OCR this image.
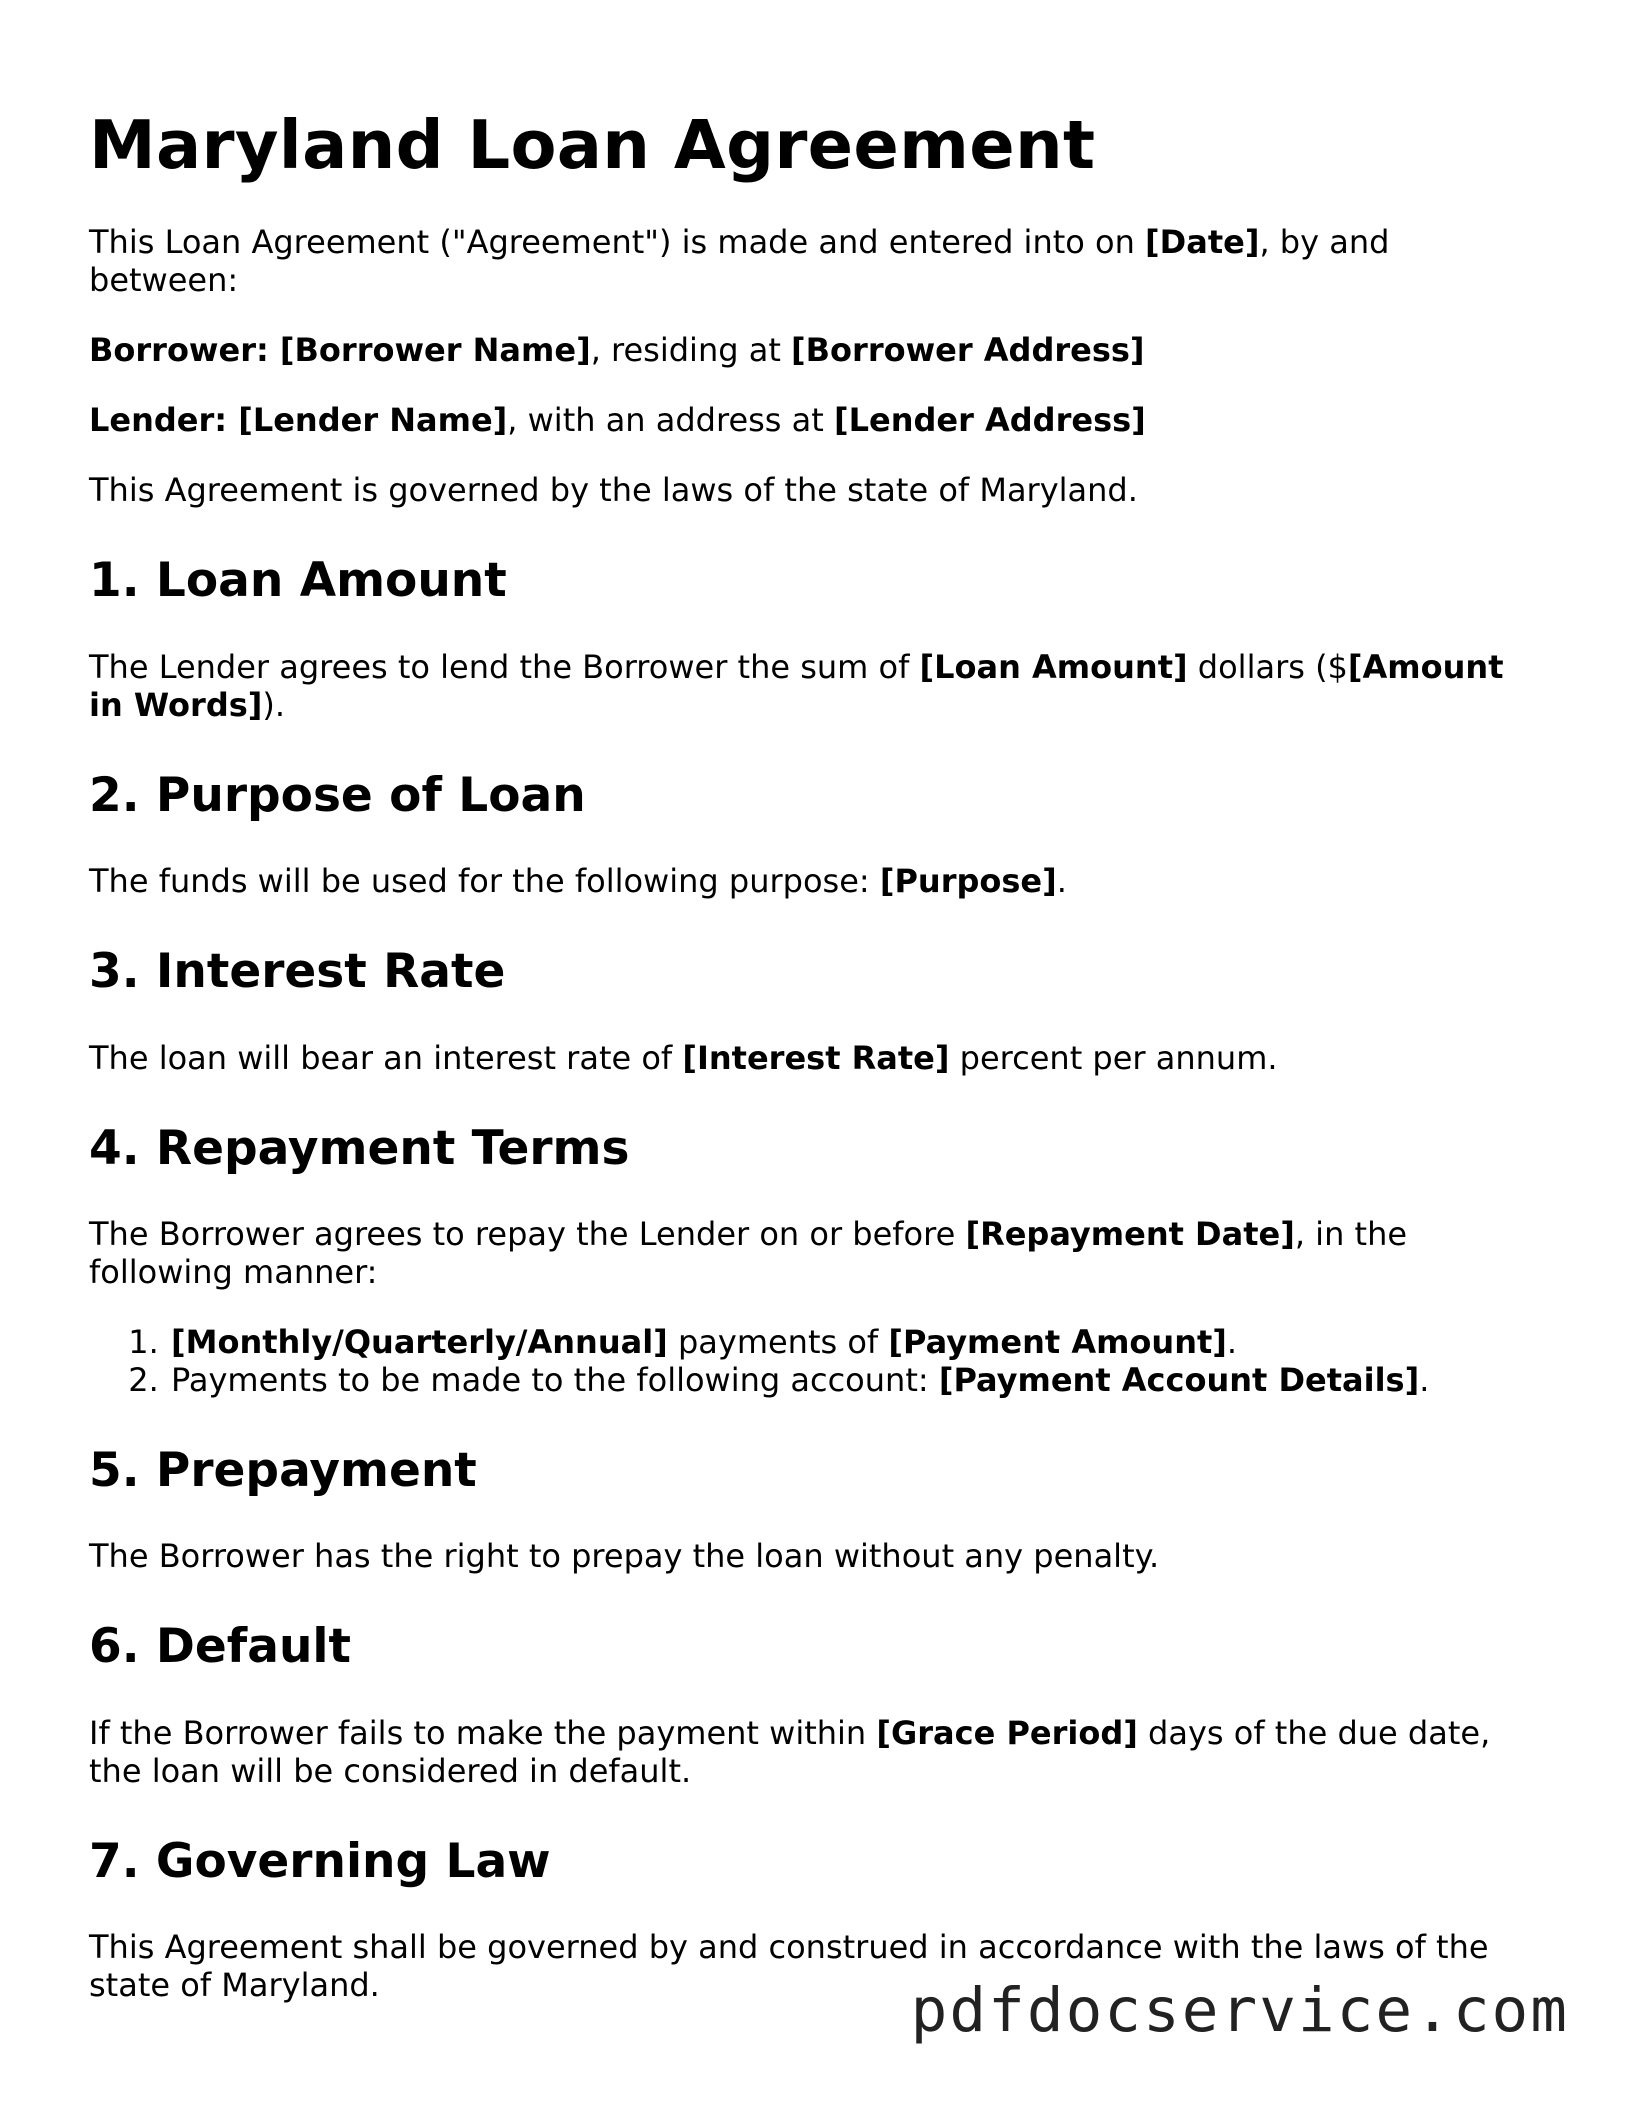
Maryland Loan Agreement

This Loan Agreement ("Agreement") is made and entered into on [Date], by and between:

Borrower: [Borrower Name], residing at [Borrower Address]

Lender: [Lender Name], with an address at [Lender Address]

This Agreement is governed by the laws of the state of Maryland.

1. Loan Amount

The Lender agrees to lend the Borrower the sum of [Loan Amount] dollars ($[Amount in Words]).

2. Purpose of Loan

The funds will be used for the following purpose: [Purpose].

3. Interest Rate

The loan will bear an interest rate of [Interest Rate] percent per annum.

4. Repayment Terms

The Borrower agrees to repay the Lender on or before [Repayment Date], in the following manner:

1. [Monthly/Quarterly/Annual] payments of [Payment Amount].
2. Payments to be made to the following account: [Payment Account Details].
5. Prepayment

The Borrower has the right to prepay the loan without any penalty.

6. Default

If the Borrower fails to make the payment within [Grace Period] days of the due date, the loan will be considered in default.

7. Governing Law

This Agreement shall be governed by and construed in accordance with the laws of the state of Maryland.	pdfdocservice.com
